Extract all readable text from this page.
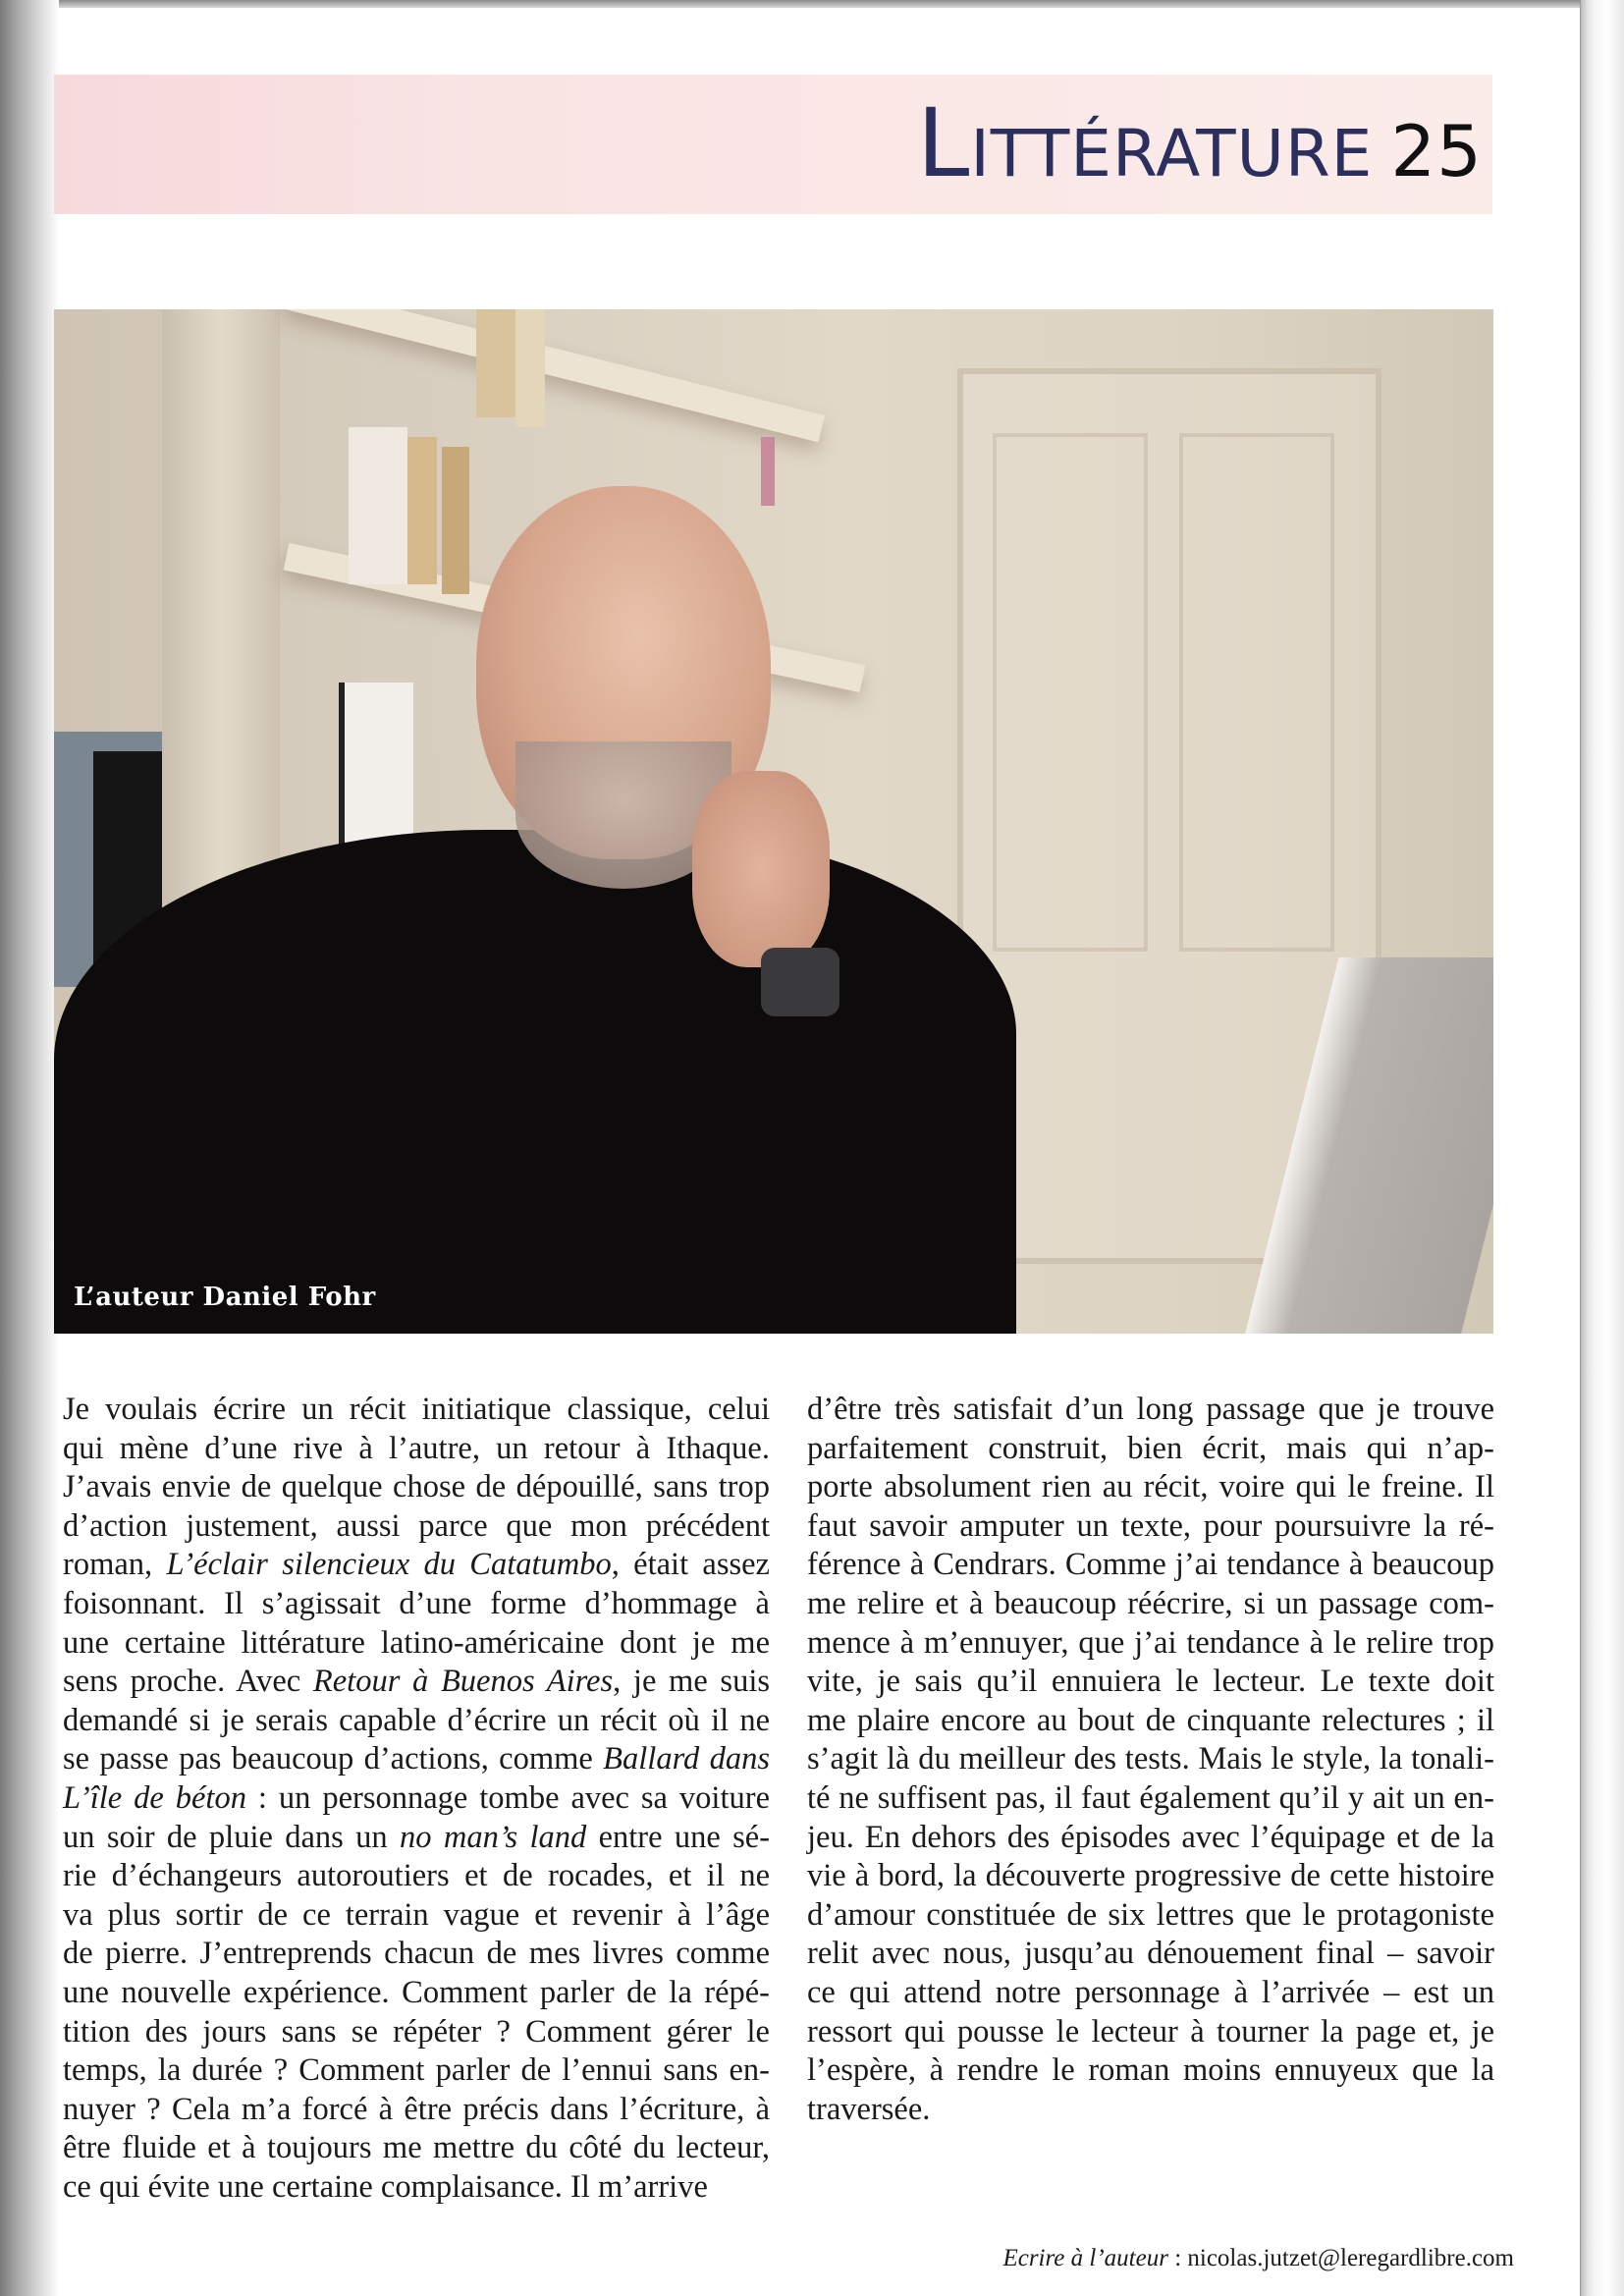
LITTÉRATURE 25
L’auteur Daniel Fohr
Je voulais écrire un récit initiatique classique, celui
qui mène d’une rive à l’autre, un retour à Ithaque.
J’avais envie de quelque chose de dépouillé, sans trop
d’action justement, aussi parce que mon précédent
roman, L’éclair silencieux du Catatumbo, était assez
foisonnant. Il s’agissait d’une forme d’hommage à
une certaine littérature latino-américaine dont je me
sens proche. Avec Retour à Buenos Aires, je me suis
demandé si je serais capable d’écrire un récit où il ne
se passe pas beaucoup d’actions, comme Ballard dans
L’île de béton : un personnage tombe avec sa voiture
un soir de pluie dans un no man’s land entre une sé-
rie d’échangeurs autoroutiers et de rocades, et il ne
va plus sortir de ce terrain vague et revenir à l’âge
de pierre. J’entreprends chacun de mes livres comme
une nouvelle expérience. Comment parler de la répé-
tition des jours sans se répéter ? Comment gérer le
temps, la durée ? Comment parler de l’ennui sans en-
nuyer ? Cela m’a forcé à être précis dans l’écriture, à
être fluide et à toujours me mettre du côté du lecteur,
ce qui évite une certaine complaisance. Il m’arrive
d’être très satisfait d’un long passage que je trouve
parfaitement construit, bien écrit, mais qui n’ap-
porte absolument rien au récit, voire qui le freine. Il
faut savoir amputer un texte, pour poursuivre la ré-
férence à Cendrars. Comme j’ai tendance à beaucoup
me relire et à beaucoup réécrire, si un passage com-
mence à m’ennuyer, que j’ai tendance à le relire trop
vite, je sais qu’il ennuiera le lecteur. Le texte doit
me plaire encore au bout de cinquante relectures ; il
s’agit là du meilleur des tests. Mais le style, la tonali-
té ne suffisent pas, il faut également qu’il y ait un en-
jeu. En dehors des épisodes avec l’équipage et de la
vie à bord, la découverte progressive de cette histoire
d’amour constituée de six lettres que le protagoniste
relit avec nous, jusqu’au dénouement final – savoir
ce qui attend notre personnage à l’arrivée – est un
ressort qui pousse le lecteur à tourner la page et, je
l’espère, à rendre le roman moins ennuyeux que la
traversée.

Ecrire à l’auteur : nicolas.jutzet@leregardlibre.com
